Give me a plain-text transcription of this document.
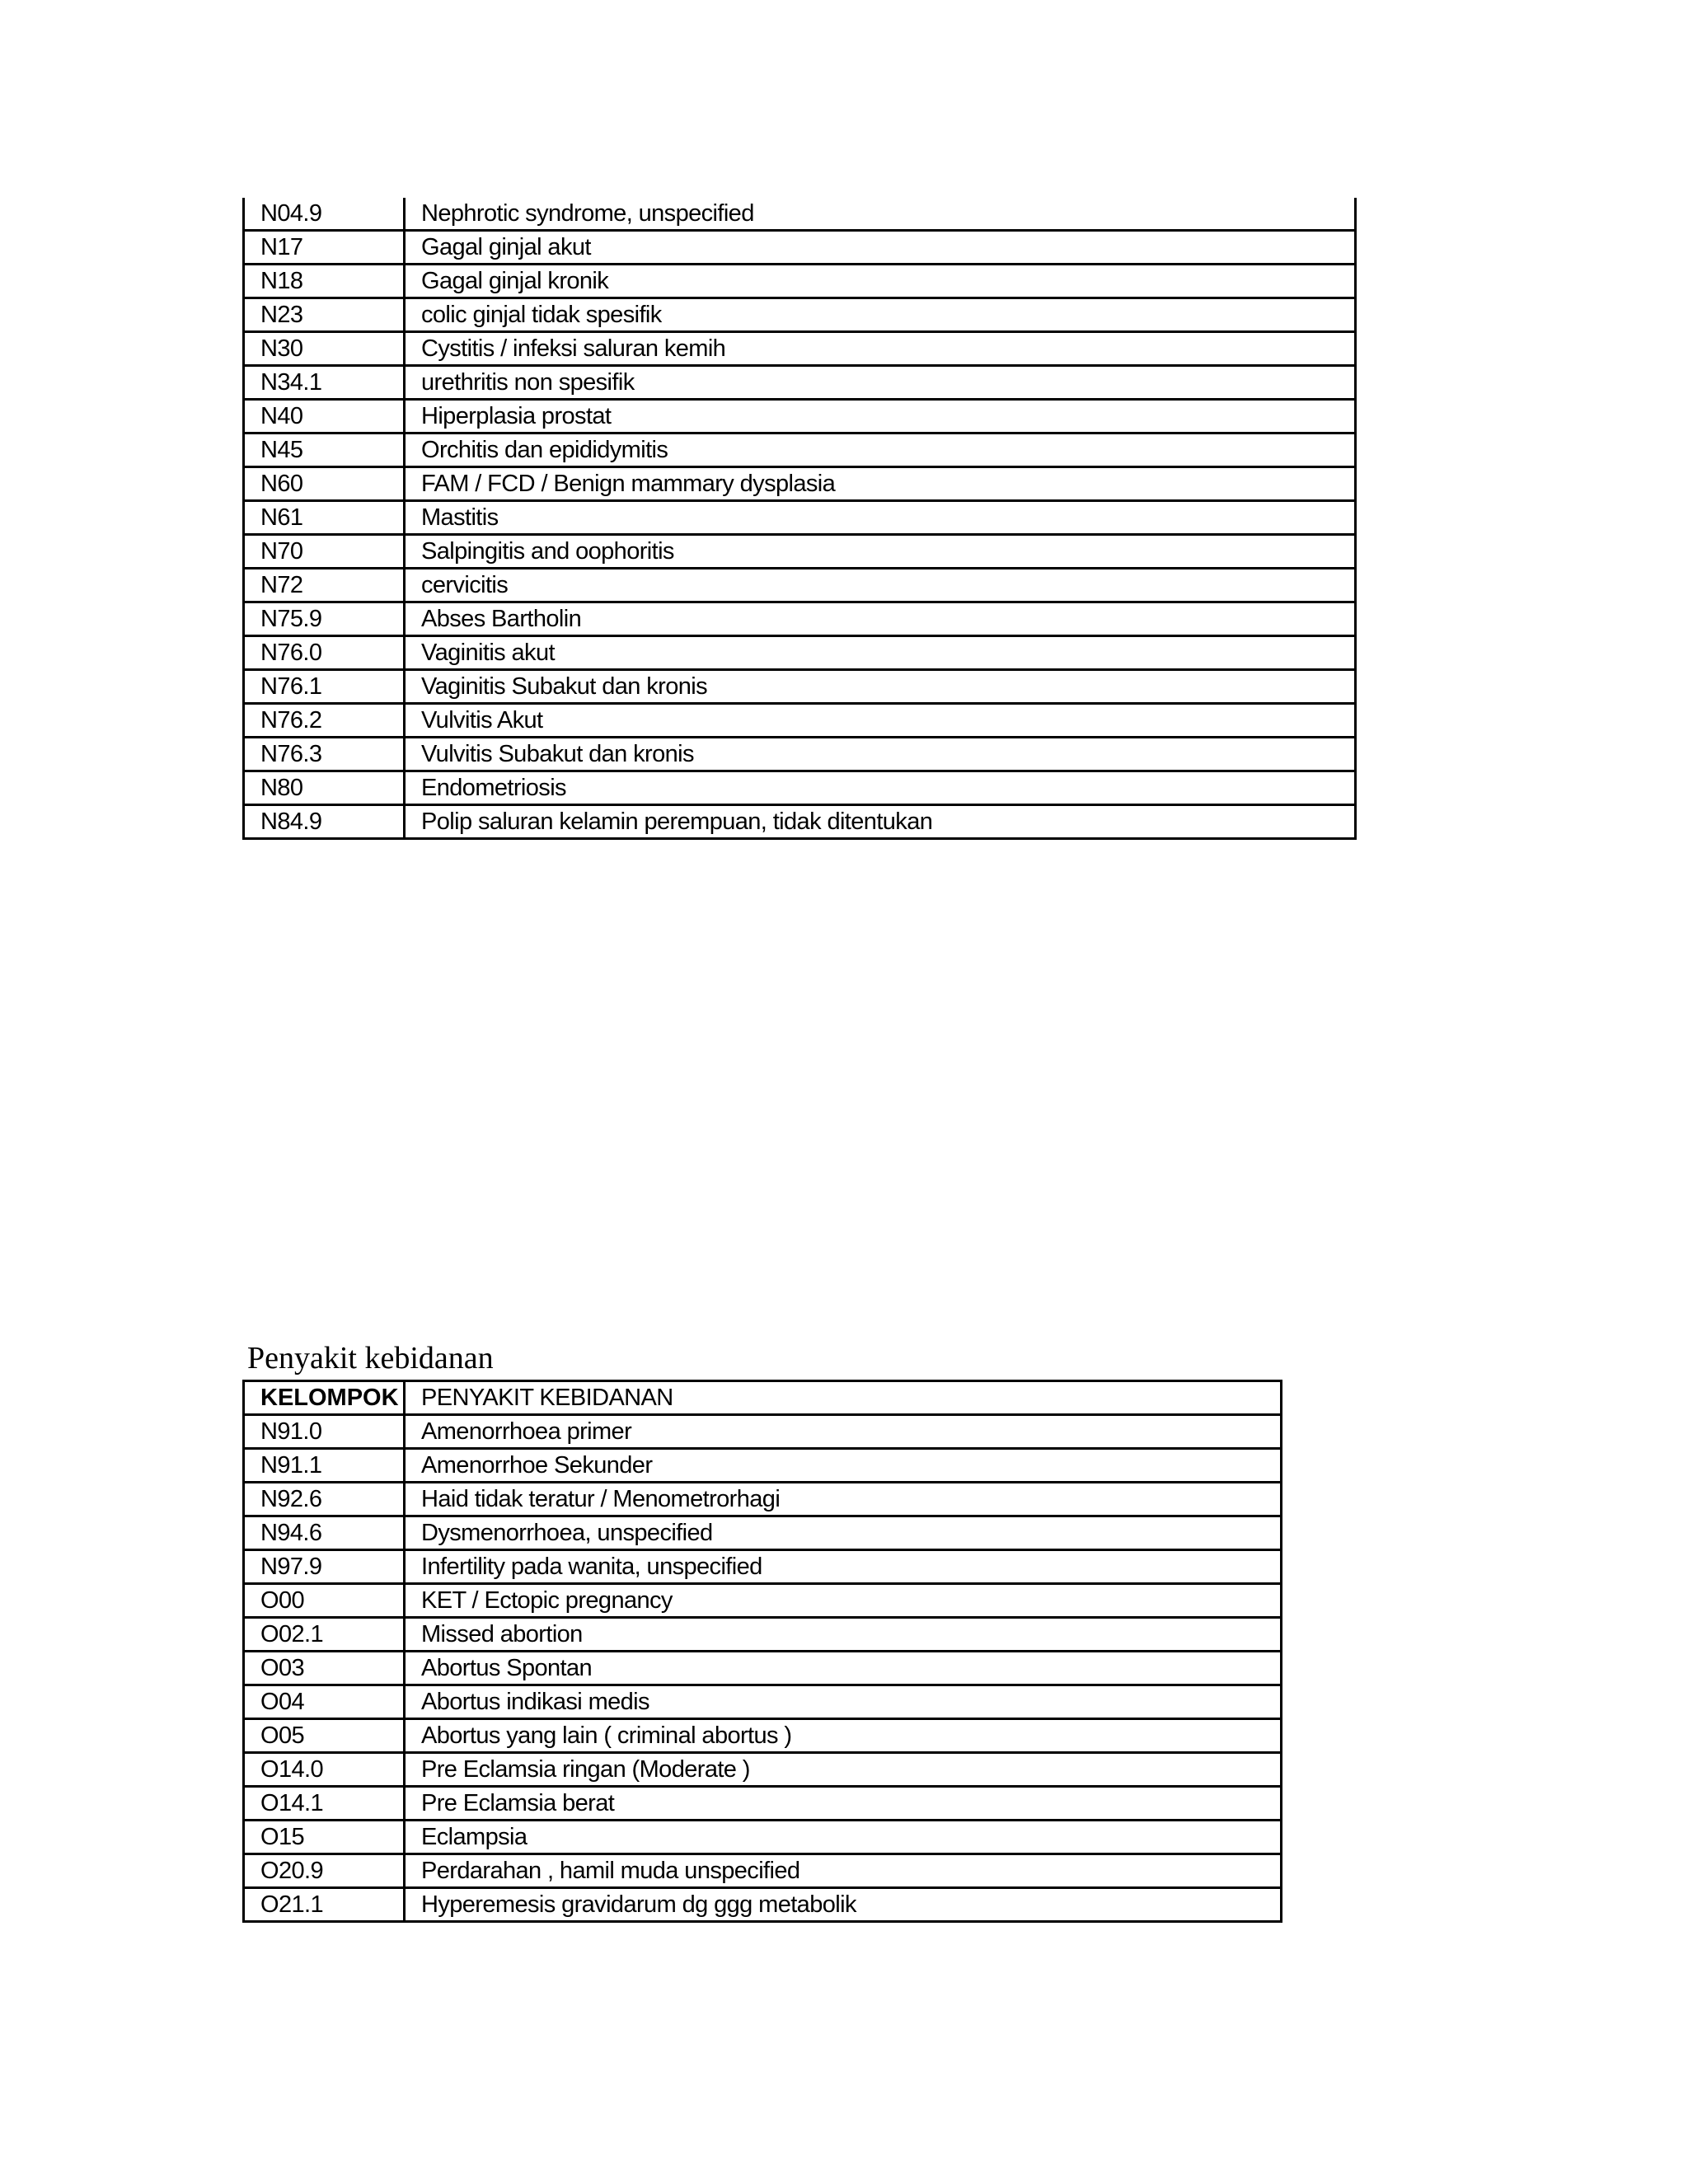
N04.9	Nephrotic syndrome, unspecified
N17	Gagal ginjal akut
N18	Gagal ginjal kronik
N23	colic ginjal tidak spesifik
N30	Cystitis / infeksi saluran kemih
N34.1	urethritis non spesifik
N40	Hiperplasia prostat
N45	Orchitis dan epididymitis
N60	FAM / FCD / Benign mammary dysplasia
N61	Mastitis
N70	Salpingitis and oophoritis
N72	cervicitis
N75.9	Abses Bartholin
N76.0	Vaginitis akut
N76.1	Vaginitis Subakut dan kronis
N76.2	Vulvitis Akut
N76.3	Vulvitis Subakut dan kronis
N80	Endometriosis
N84.9	Polip saluran kelamin perempuan, tidak ditentukan
Penyakit kebidanan
KELOMPOK	PENYAKIT KEBIDANAN
N91.0	Amenorrhoea primer
N91.1	Amenorrhoe Sekunder
N92.6	Haid tidak teratur / Menometrorhagi
N94.6	Dysmenorrhoea, unspecified
N97.9	Infertility pada wanita, unspecified
O00	KET / Ectopic pregnancy
O02.1	Missed abortion
O03	Abortus Spontan
O04	Abortus indikasi medis
O05	Abortus yang lain ( criminal abortus )
O14.0	Pre Eclamsia ringan (Moderate )
O14.1	Pre Eclamsia berat
O15	Eclampsia
O20.9	Perdarahan , hamil muda unspecified
O21.1	Hyperemesis gravidarum dg ggg metabolik
